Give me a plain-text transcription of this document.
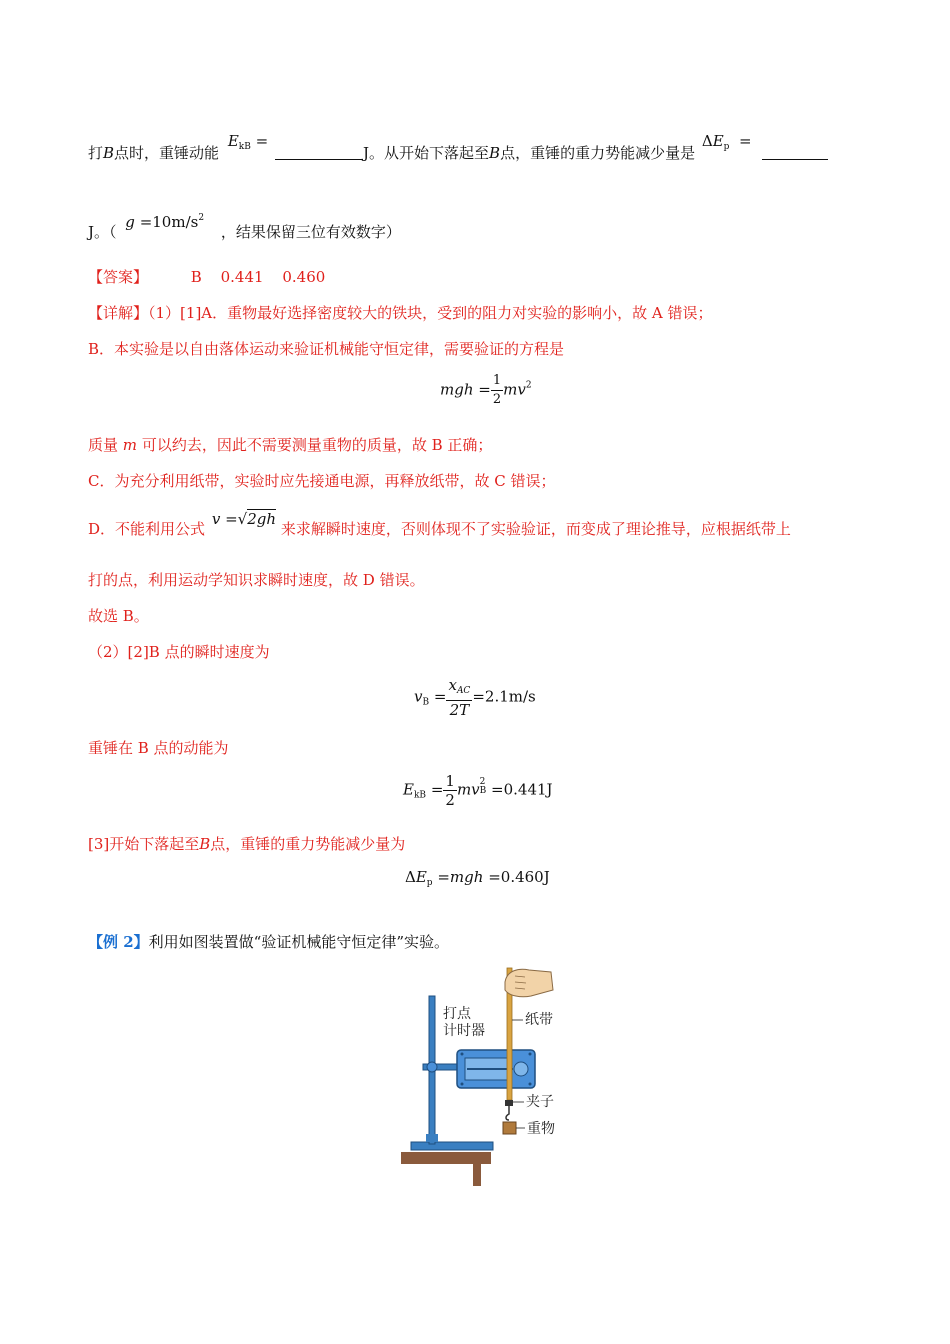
打B点时，重锤动能 $E_{kB} = J$。从开始下落起至B点，重锤的重力势能减少量是 $\Delta E_p$ =
J。（ $g =10m/s^2$ ，结果保留三位有效数字）
【答案】	B 0.441 0.460
【详解】（1）[1]A．重物最好选择密度较大的铁块，受到的阻力对实验的影响小，故 A 错误；
B．本实验是以自由落体运动来验证机械能守恒定律，需要验证的方程是
mgh = $\frac{1}{2} mv^2$
质量 m 可以约去，因此不需要测量重物的质量，故 B 正确；
C．为充分利用纸带，实验时应先接通电源，再释放纸带，故 C 错误；
D．不能利用公式 v =√2gh 来求解瞬时速度，否则体现不了实验验证，而变成了理论推导，应根据纸带上
打的点，利用运动学知识求瞬时速度，故 D 错误。
故选 B。
（2）[2]B 点的瞬时速度为
$v_B = \frac{x_{AC}}{2T} =2.1m/s$
重锤在 B 点的动能为
$E_{kB} = \frac{1}{2}$ mv 2
B =0.441J
[3]开始下落起至B点，重锤的重力势能减少量为
$\Delta E_p =mgh =0.460J$
【例 2】利用如图装置做“验证机械能守恒定律”实验。
打点
计时器
纸带
夹子
重物
